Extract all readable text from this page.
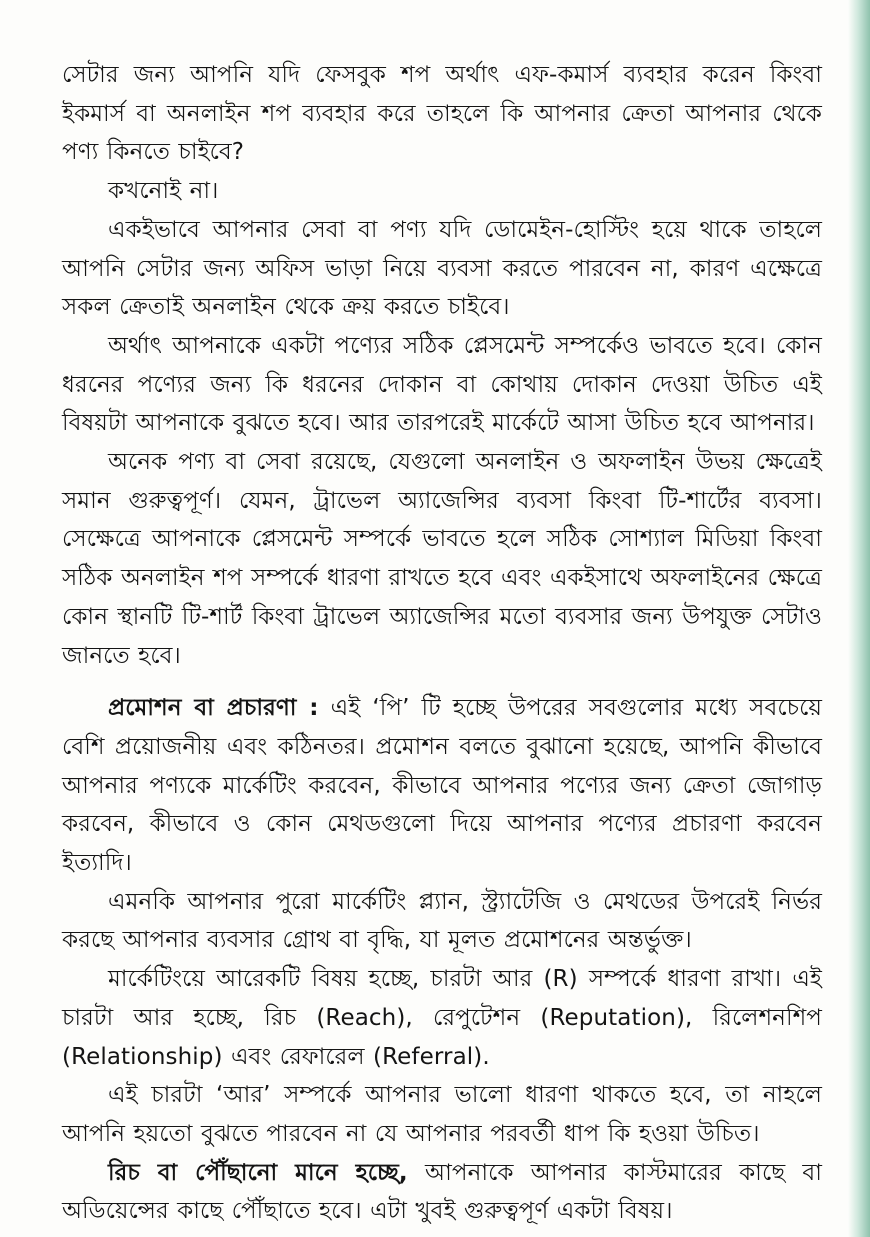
সেটার জন্য আপনি যদি ফেসবুক শপ অর্থাৎ এফ-কমার্স ব্যবহার করেন কিংবা ইকমার্স বা অনলাইন শপ ব্যবহার করে তাহলে কি আপনার ক্রেতা আপনার থেকে পণ্য কিনতে চাইবে?

কখনোই না।

একইভাবে আপনার সেবা বা পণ্য যদি ডোমেইন-হোস্টিং হয়ে থাকে তাহলে আপনি সেটার জন্য অফিস ভাড়া নিয়ে ব্যবসা করতে পারবেন না, কারণ এক্ষেত্রে সকল ক্রেতাই অনলাইন থেকে ক্রয় করতে চাইবে।

অর্থাৎ আপনাকে একটা পণ্যের সঠিক প্লেসমেন্ট সম্পর্কেও ভাবতে হবে। কোন ধরনের পণ্যের জন্য কি ধরনের দোকান বা কোথায় দোকান দেওয়া উচিত এই বিষয়টা আপনাকে বুঝতে হবে। আর তারপরেই মার্কেটে আসা উচিত হবে আপনার।

অনেক পণ্য বা সেবা রয়েছে, যেগুলো অনলাইন ও অফলাইন উভয় ক্ষেত্রেই সমান গুরুত্বপূর্ণ। যেমন, ট্রাভেল অ্যাজেন্সির ব্যবসা কিংবা টি-শার্টের ব্যবসা। সেক্ষেত্রে আপনাকে প্লেসমেন্ট সম্পর্কে ভাবতে হলে সঠিক সোশ্যাল মিডিয়া কিংবা সঠিক অনলাইন শপ সম্পর্কে ধারণা রাখতে হবে এবং একইসাথে অফলাইনের ক্ষেত্রে কোন স্থানটি টি-শার্ট কিংবা ট্রাভেল অ্যাজেন্সির মতো ব্যবসার জন্য উপযুক্ত সেটাও জানতে হবে।

প্রমোশন বা প্রচারণা : এই ‘পি’ টি হচ্ছে উপরের সবগুলোর মধ্যে সবচেয়ে বেশি প্রয়োজনীয় এবং কঠিনতর। প্রমোশন বলতে বুঝানো হয়েছে, আপনি কীভাবে আপনার পণ্যকে মার্কেটিং করবেন, কীভাবে আপনার পণ্যের জন্য ক্রেতা জোগাড় করবেন, কীভাবে ও কোন মেথডগুলো দিয়ে আপনার পণ্যের প্রচারণা করবেন ইত্যাদি।

এমনকি আপনার পুরো মার্কেটিং প্ল্যান, স্ট্র্যাটেজি ও মেথডের উপরেই নির্ভর করছে আপনার ব্যবসার গ্রোথ বা বৃদ্ধি, যা মূলত প্রমোশনের অন্তর্ভুক্ত।

মার্কেটিংয়ে আরেকটি বিষয় হচ্ছে, চারটা আর (R) সম্পর্কে ধারণা রাখা। এই চারটা আর হচ্ছে, রিচ (Reach), রেপুটেশন (Reputation), রিলেশনশিপ (Relationship) এবং রেফারেল (Referral).

এই চারটা ‘আর’ সম্পর্কে আপনার ভালো ধারণা থাকতে হবে, তা নাহলে আপনি হয়তো বুঝতে পারবেন না যে আপনার পরবর্তী ধাপ কি হওয়া উচিত।

রিচ বা পৌঁছানো মানে হচ্ছে, আপনাকে আপনার কাস্টমারের কাছে বা অডিয়েন্সের কাছে পৌঁছাতে হবে। এটা খুবই গুরুত্বপূর্ণ একটা বিষয়।
